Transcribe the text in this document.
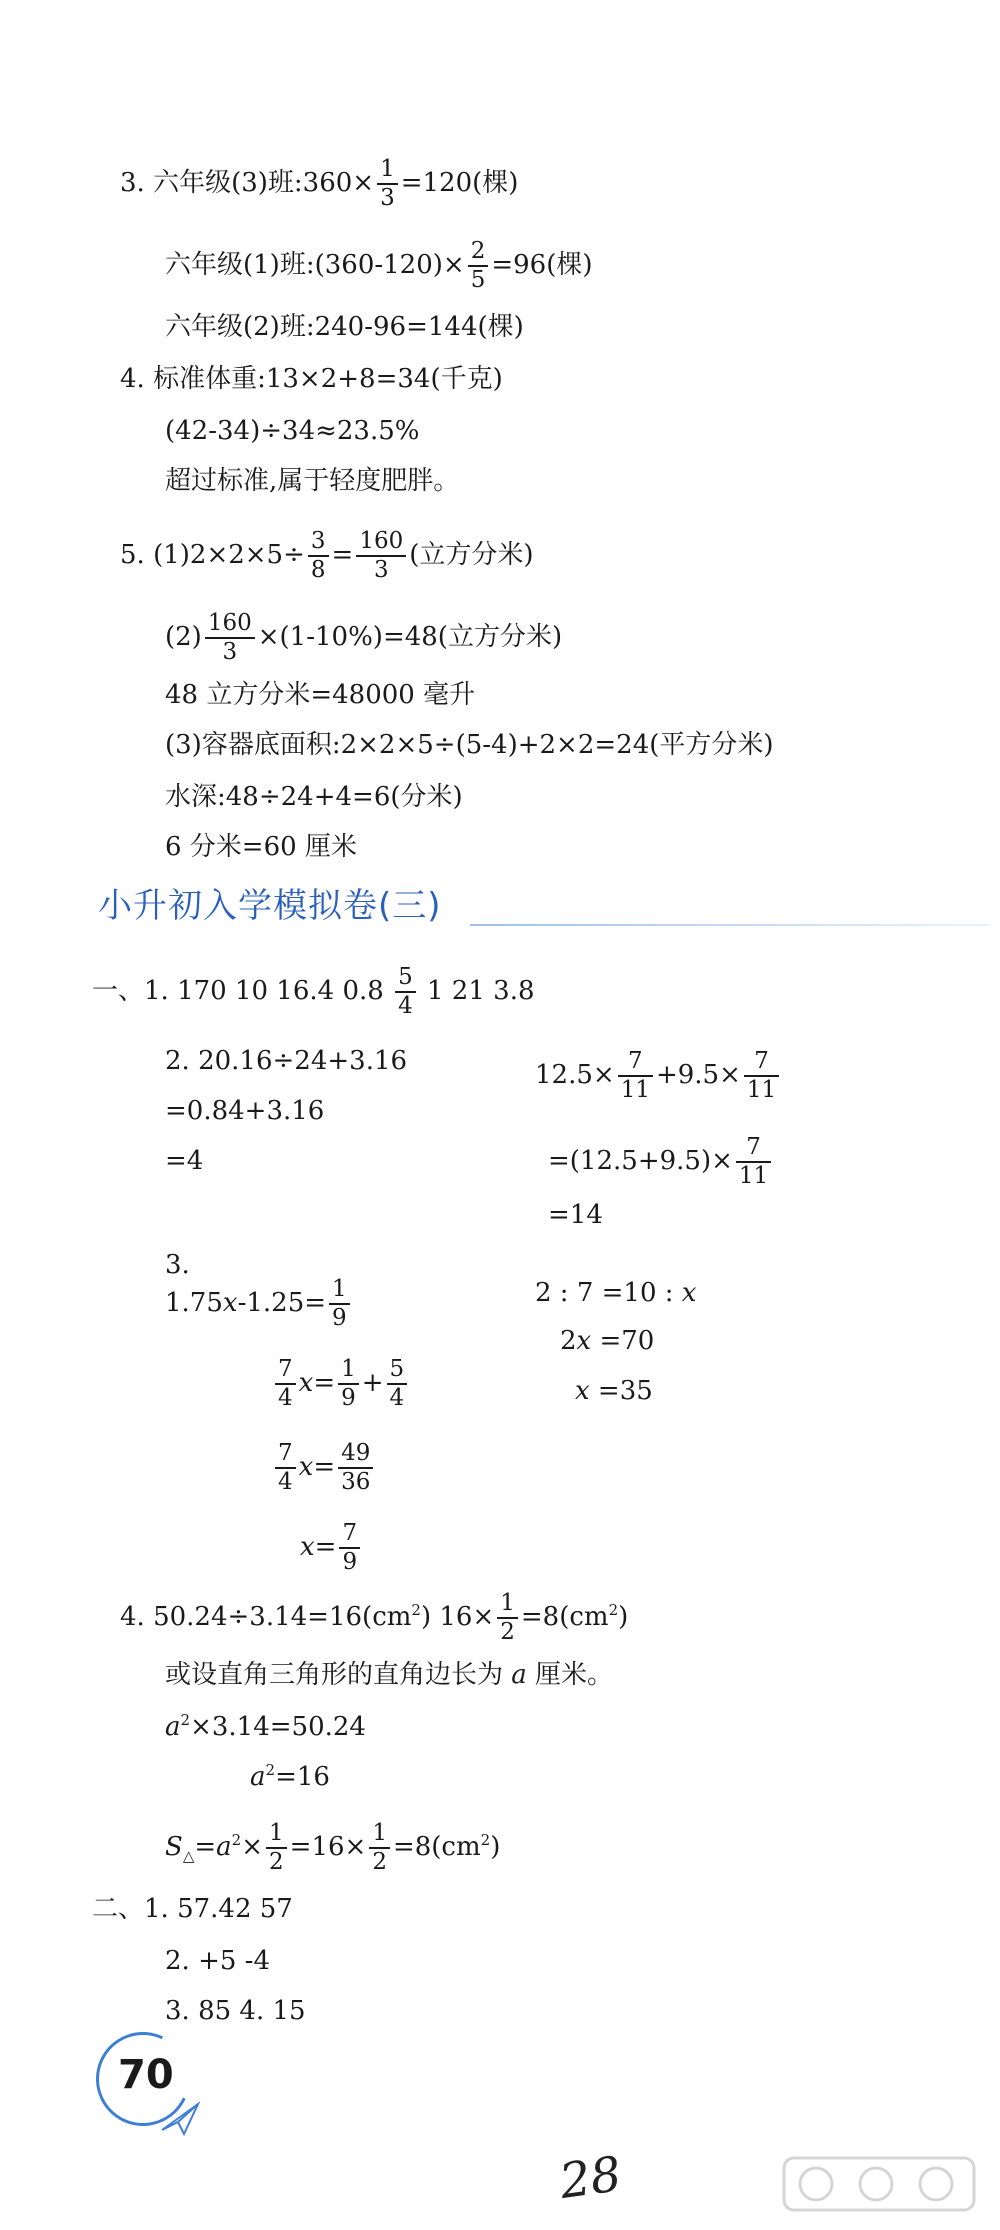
3. 六年级(3)班:360× $\frac{1}{3} =120$(棵)
六年级(1)班:(360-120)× $\frac{2}{5} =96$(棵)
六年级(2)班:240-96=144(棵)
4. 标准体重:13×2+8=34(千克)
(42-34)÷34≈23.5%
超过标准,属于轻度肥胖。
5. $(1)2\times 2\times 5\div \frac{3}{8} = \frac{160}{3}$ (立方分米)
$(2) \frac{160}{3} \times(1-10\%)=48$(立方分米)
48 立方分米=48000 毫升
(3)容器底面积:2×2×5÷(5-4)+2×2=24(平方分米)
水深:48÷24+4=6(分米)
6 分米=60 厘米
小升初入学模拟卷(三)
一、1. 170 10 16.4 $0.8 \frac{5}{4} 1$ 21 3.8
2. 20.16÷24+3.16
=0.84+3.16
=4
$12.5\times \frac{7}{11} +9.5\times \frac{7}{11}$
$=(12.5+9.5)\times \frac{7}{11}$
=14
3.
$1.75x-1.25= \frac{1}{9}$
$\frac{7}{4} x= \frac{1}{9} + \frac{5}{4}$
$\frac{7}{4} x= \frac{49}{36}$
$x= \frac{7}{9}$
2 : 7 =10 : x
2x =70
x =35
4. $50.24\div 3.14=16(cm^2)$ $16\times \frac{1}{2} =8(cm^2)$
或设直角三角形的直角边长为 a 厘米。
$a^2\times 3.14=50.24$
$a^2=16$
$S_\triangle=a^2\times \frac{1}{2} =16\times \frac{1}{2} =8(cm^2)$
二、1. 57.42 57
2. +5 -4
3. 85 4. 15
70
28
